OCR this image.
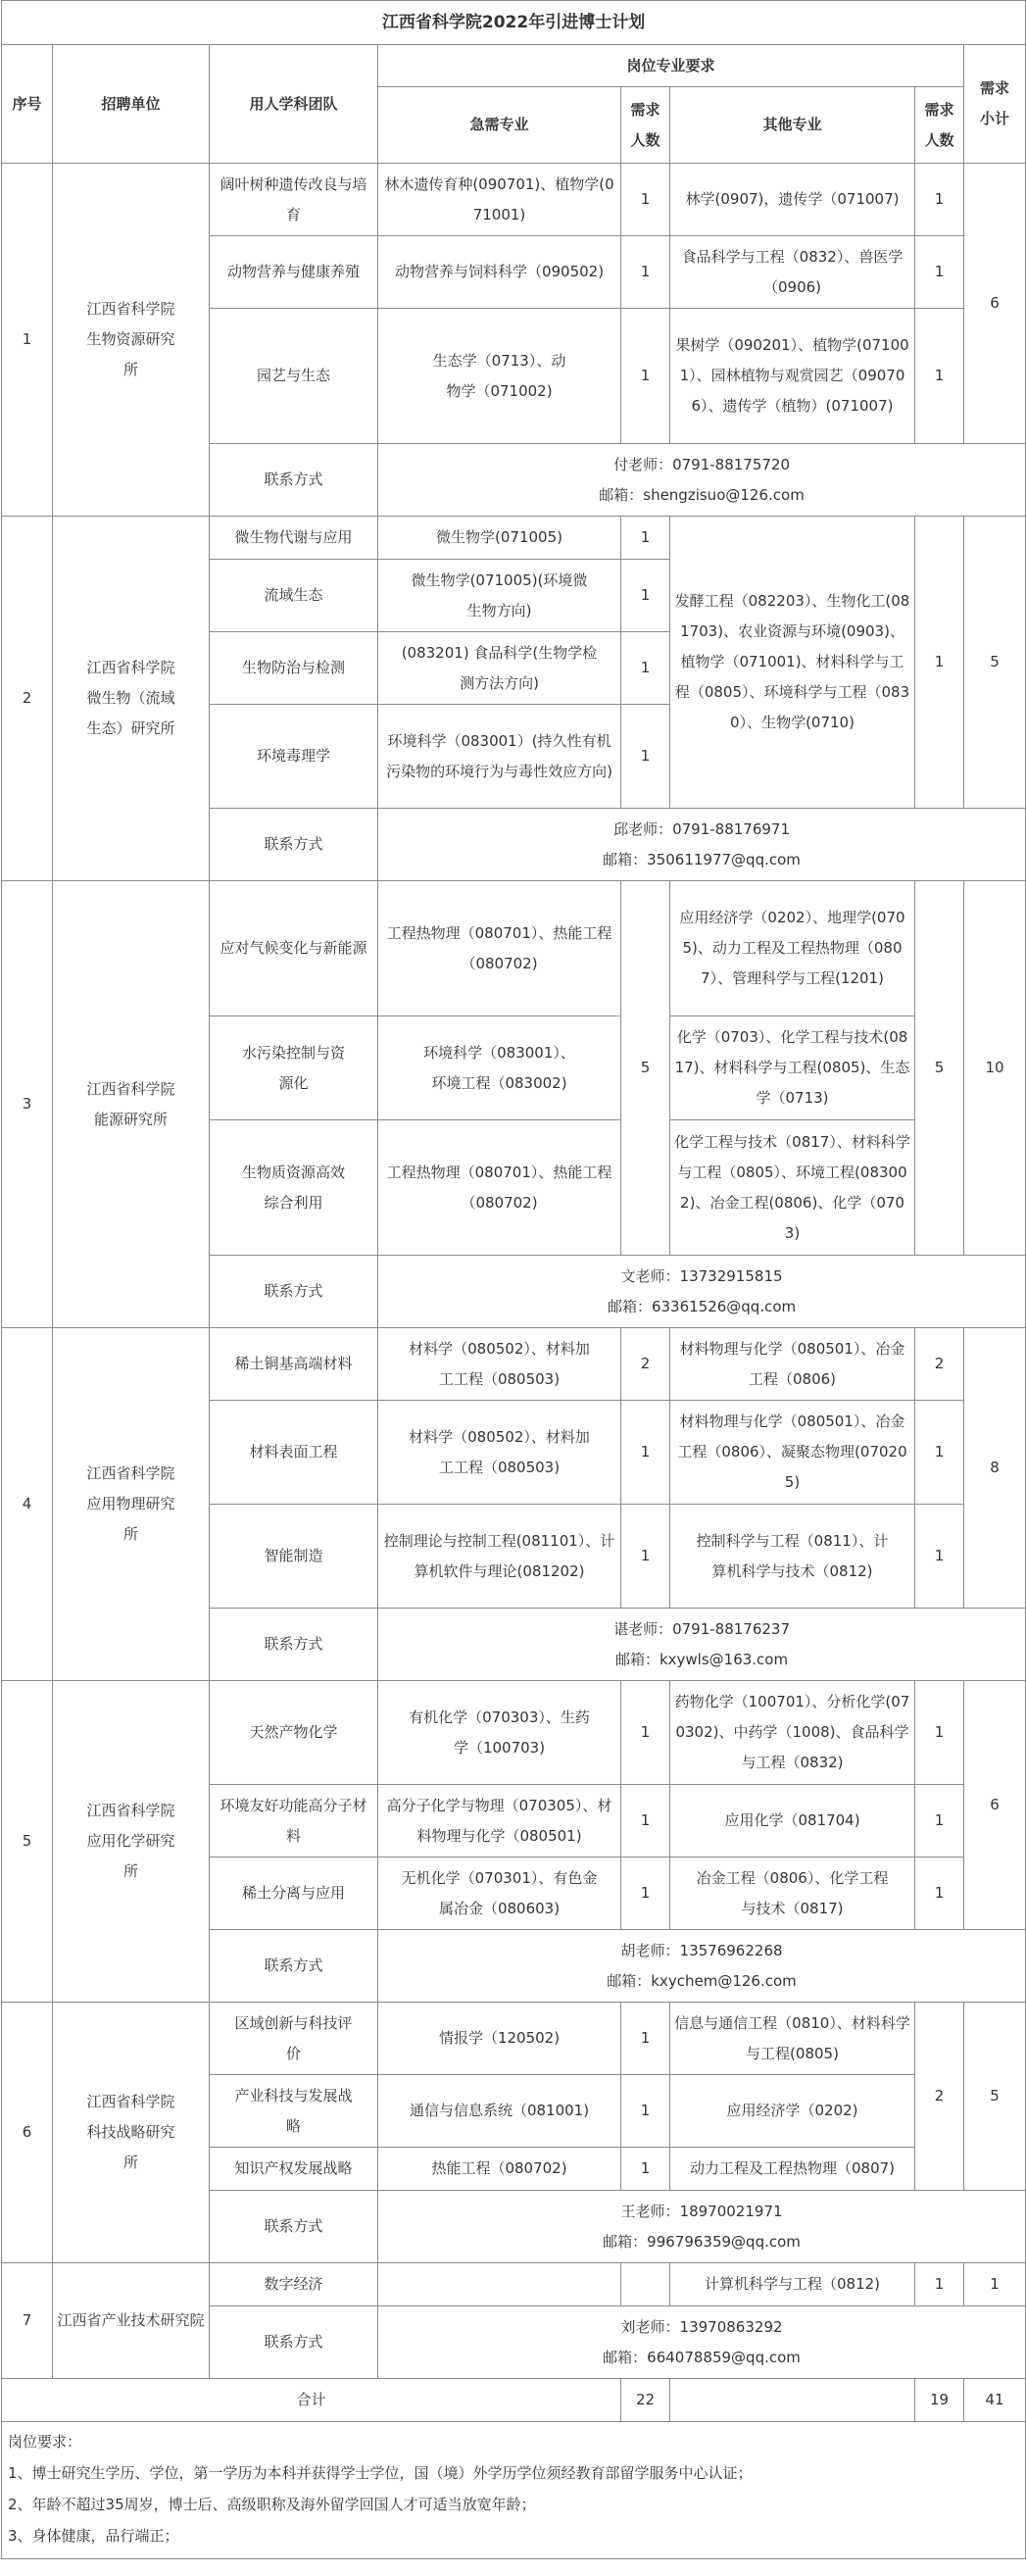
江西省科学院2022年引进博士计划							
序号	招聘单位	用人学科团队	岗位专业要求				需求小计
			急需专业	需求人数	其他专业	需求人数	
1	江西省科学院生物资源研究所	阔叶树种遗传改良与培育	林木遗传育种(090701)、植物学(071001)	1	林学(0907)，遗传学（071007)	1	6
		动物营养与健康养殖	动物营养与饲料科学（090502)	1	食品科学与工程（0832）、兽医学（0906)	1	
		园艺与生态	生态学（0713）、动物学（071002)	1	果树学（090201）、植物学(071001）、园林植物与观赏园艺（090706）、遗传学（植物）(071007)	1	
		联系方式	付老师：0791-88175720
邮箱：shengzisuo@126.com				

2	江西省科学院微生物（流域生态）研究所	微生物代谢与应用	微生物学(071005)	1	发酵工程（082203）、生物化工(081703)、农业资源与环境(0903)、植物学（071001)、材料科学与工程（0805）、环境科学与工程（0830）、生物学(0710)	1	5
		流域生态	微生物学(071005)(环境微生物方向)	1			
		生物防治与检测	(083201) 食品科学(生物学检测方法方向)	1			
		环境毒理学	环境科学（083001）(持久性有机污染物的环境行为与毒性效应方向)	1			
		联系方式	邱老师：0791-88176971
邮箱：350611977@qq.com				

3	江西省科学院能源研究所	应对气候变化与新能源	工程热物理（080701）、热能工程（080702)	5	应用经济学（0202）、地理学(0705)、动力工程及工程热物理（0807）、管理科学与工程(1201)	5	10
		水污染控制与资源化	环境科学（083001）、环境工程（083002)		化学（0703）、化学工程与技术(0817)、材料科学与工程(0805)、生态学（0713)		
		生物质资源高效综合利用	工程热物理（080701）、热能工程（080702)		化学工程与技术（0817）、材料科学与工程（0805）、环境工程(083002)、冶金工程(0806)、化学（0703)		
		联系方式	文老师：13732915815
邮箱：63361526@qq.com				

4	江西省科学院应用物理研究所	稀土铜基高端材料	材料学（080502）、材料加工工程（080503)	2	材料物理与化学（080501）、冶金工程（0806)	2	8
		材料表面工程	材料学（080502）、材料加工工程（080503)	1	材料物理与化学（080501）、冶金工程（0806）、凝聚态物理(070205)	1	
		智能制造	控制理论与控制工程(081101）、计算机软件与理论(081202)	1	控制科学与工程（0811）、计算机科学与技术（0812)	1	
		联系方式	谌老师：0791-88176237
邮箱：kxywls@163.com				

5	江西省科学院应用化学研究所	天然产物化学	有机化学（070303）、生药学（100703)	1	药物化学（100701）、分析化学(070302)、中药学（1008)、食品科学与工程（0832)	1	6
		环境友好功能高分子材料	高分子化学与物理（070305）、材料物理与化学（080501)	1	应用化学（081704)	1	
		稀土分离与应用	无机化学（070301）、有色金属冶金（080603)	1	冶金工程（0806）、化学工程与技术（0817)	1	
		联系方式	胡老师：13576962268
邮箱：kxychem@126.com				

6	江西省科学院科技战略研究所	区域创新与科技评价	情报学（120502)	1	信息与通信工程（0810）、材料科学与工程(0805)	2	5
		产业科技与发展战略	通信与信息系统（081001)	1	应用经济学（0202)		
		知识产权发展战略	热能工程（080702)	1	动力工程及工程热物理（0807)		
		联系方式	王老师：18970021971
邮箱：996796359@qq.com				

7	江西省产业技术研究院	数字经济			计算机科学与工程（0812)	1	1
		联系方式	刘老师：13970863292
邮箱：664078859@qq.com				

合计				22		19	41

岗位要求：
1、博士研究生学历、学位，第一学历为本科并获得学士学位，国（境）外学历学位须经教育部留学服务中心认证；
2、年龄不超过35周岁，博士后、高级职称及海外留学回国人才可适当放宽年龄；
3、身体健康，品行端正；							
